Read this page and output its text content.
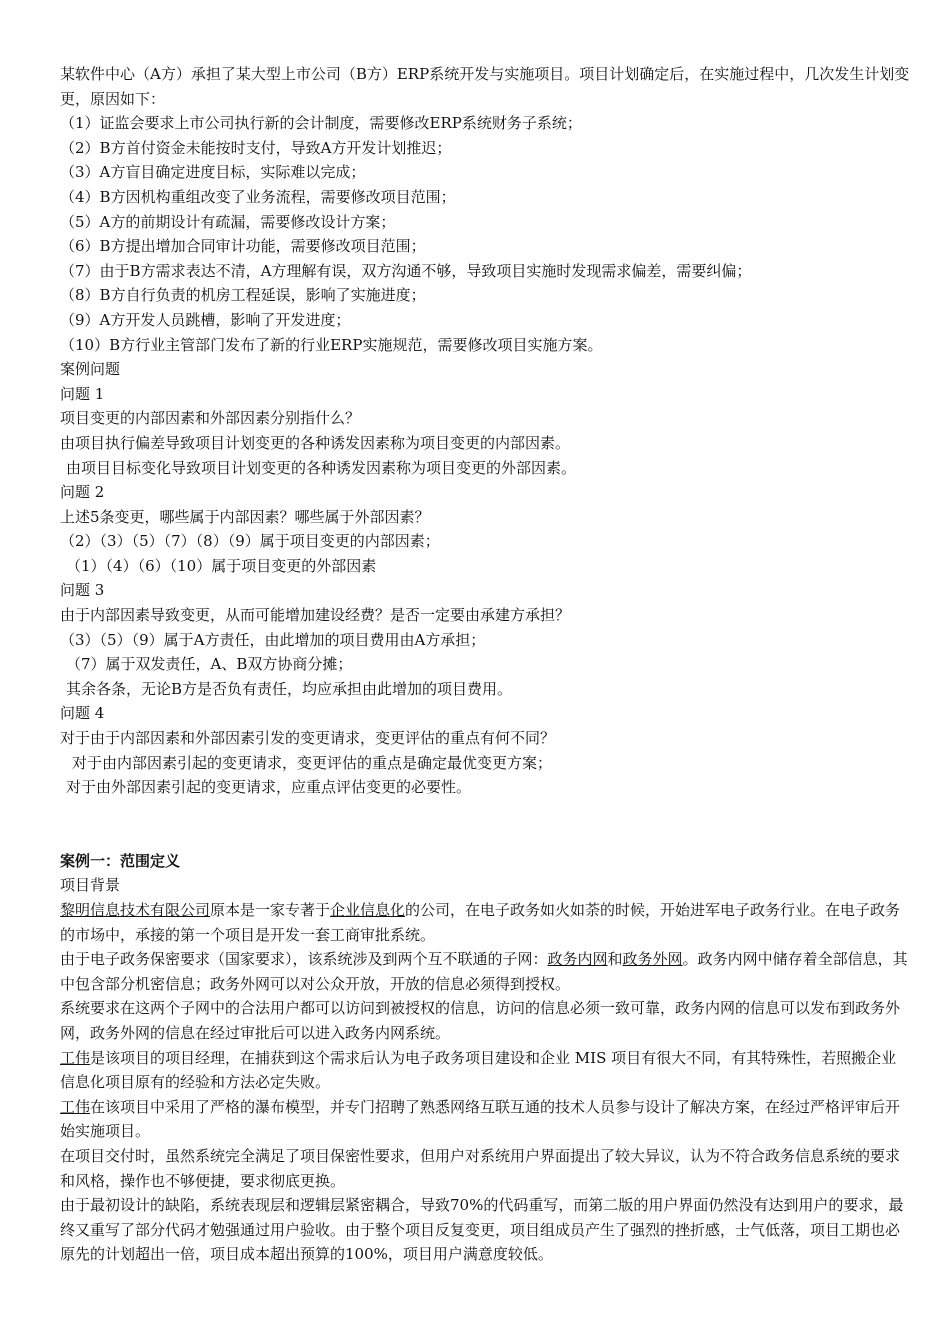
某软件中心（A方）承担了某大型上市公司（B方）ERP系统开发与实施项目。项目计划确定后，在实施过程中，几次发生计划变更，原因如下：
（1）证监会要求上市公司执行新的会计制度，需要修改ERP系统财务子系统；
（2）B方首付资金未能按时支付，导致A方开发计划推迟；
（3）A方盲目确定进度目标，实际难以完成；
（4）B方因机构重组改变了业务流程，需要修改项目范围；
（5）A方的前期设计有疏漏，需要修改设计方案；
（6）B方提出增加合同审计功能，需要修改项目范围；
（7）由于B方需求表达不清，A方理解有误，双方沟通不够，导致项目实施时发现需求偏差，需要纠偏；
（8）B方自行负责的机房工程延误，影响了实施进度；
（9）A方开发人员跳槽，影响了开发进度；
（10）B方行业主管部门发布了新的行业ERP实施规范，需要修改项目实施方案。
案例问题
问题 1
项目变更的内部因素和外部因素分别指什么？
由项目执行偏差导致项目计划变更的各种诱发因素称为项目变更的内部因素。
由项目目标变化导致项目计划变更的各种诱发因素称为项目变更的外部因素。
问题 2
上述5条变更，哪些属于内部因素？哪些属于外部因素？
（2）（3）（5）（7）（8）（9）属于项目变更的内部因素；
（1）（4）（6）（10）属于项目变更的外部因素
问题 3
由于内部因素导致变更，从而可能增加建设经费？是否一定要由承建方承担？
（3）（5）（9）属于A方责任，由此增加的项目费用由A方承担；
（7）属于双发责任，A、B双方协商分摊；
其余各条，无论B方是否负有责任，均应承担由此增加的项目费用。
问题 4
对于由于内部因素和外部因素引发的变更请求，变更评估的重点有何不同？
对于由内部因素引起的变更请求，变更评估的重点是确定最优变更方案；
对于由外部因素引起的变更请求，应重点评估变更的必要性。
案例一：范围定义
项目背景
黎明信息技术有限公司原本是一家专著于企业信息化的公司，在电子政务如火如荼的时候，开始进军电子政务行业。在电子政务的市场中，承接的第一个项目是开发一套工商审批系统。
由于电子政务保密要求（国家要求），该系统涉及到两个互不联通的子网：政务内网和政务外网。政务内网中储存着全部信息，其中包含部分机密信息；政务外网可以对公众开放，开放的信息必须得到授权。
系统要求在这两个子网中的合法用户都可以访问到被授权的信息，访问的信息必须一致可靠，政务内网的信息可以发布到政务外网，政务外网的信息在经过审批后可以进入政务内网系统。
工伟是该项目的项目经理，在捕获到这个需求后认为电子政务项目建设和企业 MIS 项目有很大不同，有其特殊性，若照搬企业信息化项目原有的经验和方法必定失败。
工伟在该项目中采用了严格的瀑布模型，并专门招聘了熟悉网络互联互通的技术人员参与设计了解决方案，在经过严格评审后开始实施项目。
在项目交付时，虽然系统完全满足了项目保密性要求，但用户对系统用户界面提出了较大异议，认为不符合政务信息系统的要求和风格，操作也不够便捷，要求彻底更换。
由于最初设计的缺陷，系统表现层和逻辑层紧密耦合，导致70%的代码重写，而第二版的用户界面仍然没有达到用户的要求，最终又重写了部分代码才勉强通过用户验收。由于整个项目反复变更，项目组成员产生了强烈的挫折感，士气低落，项目工期也必原先的计划超出一倍，项目成本超出预算的100%，项目用户满意度较低。
